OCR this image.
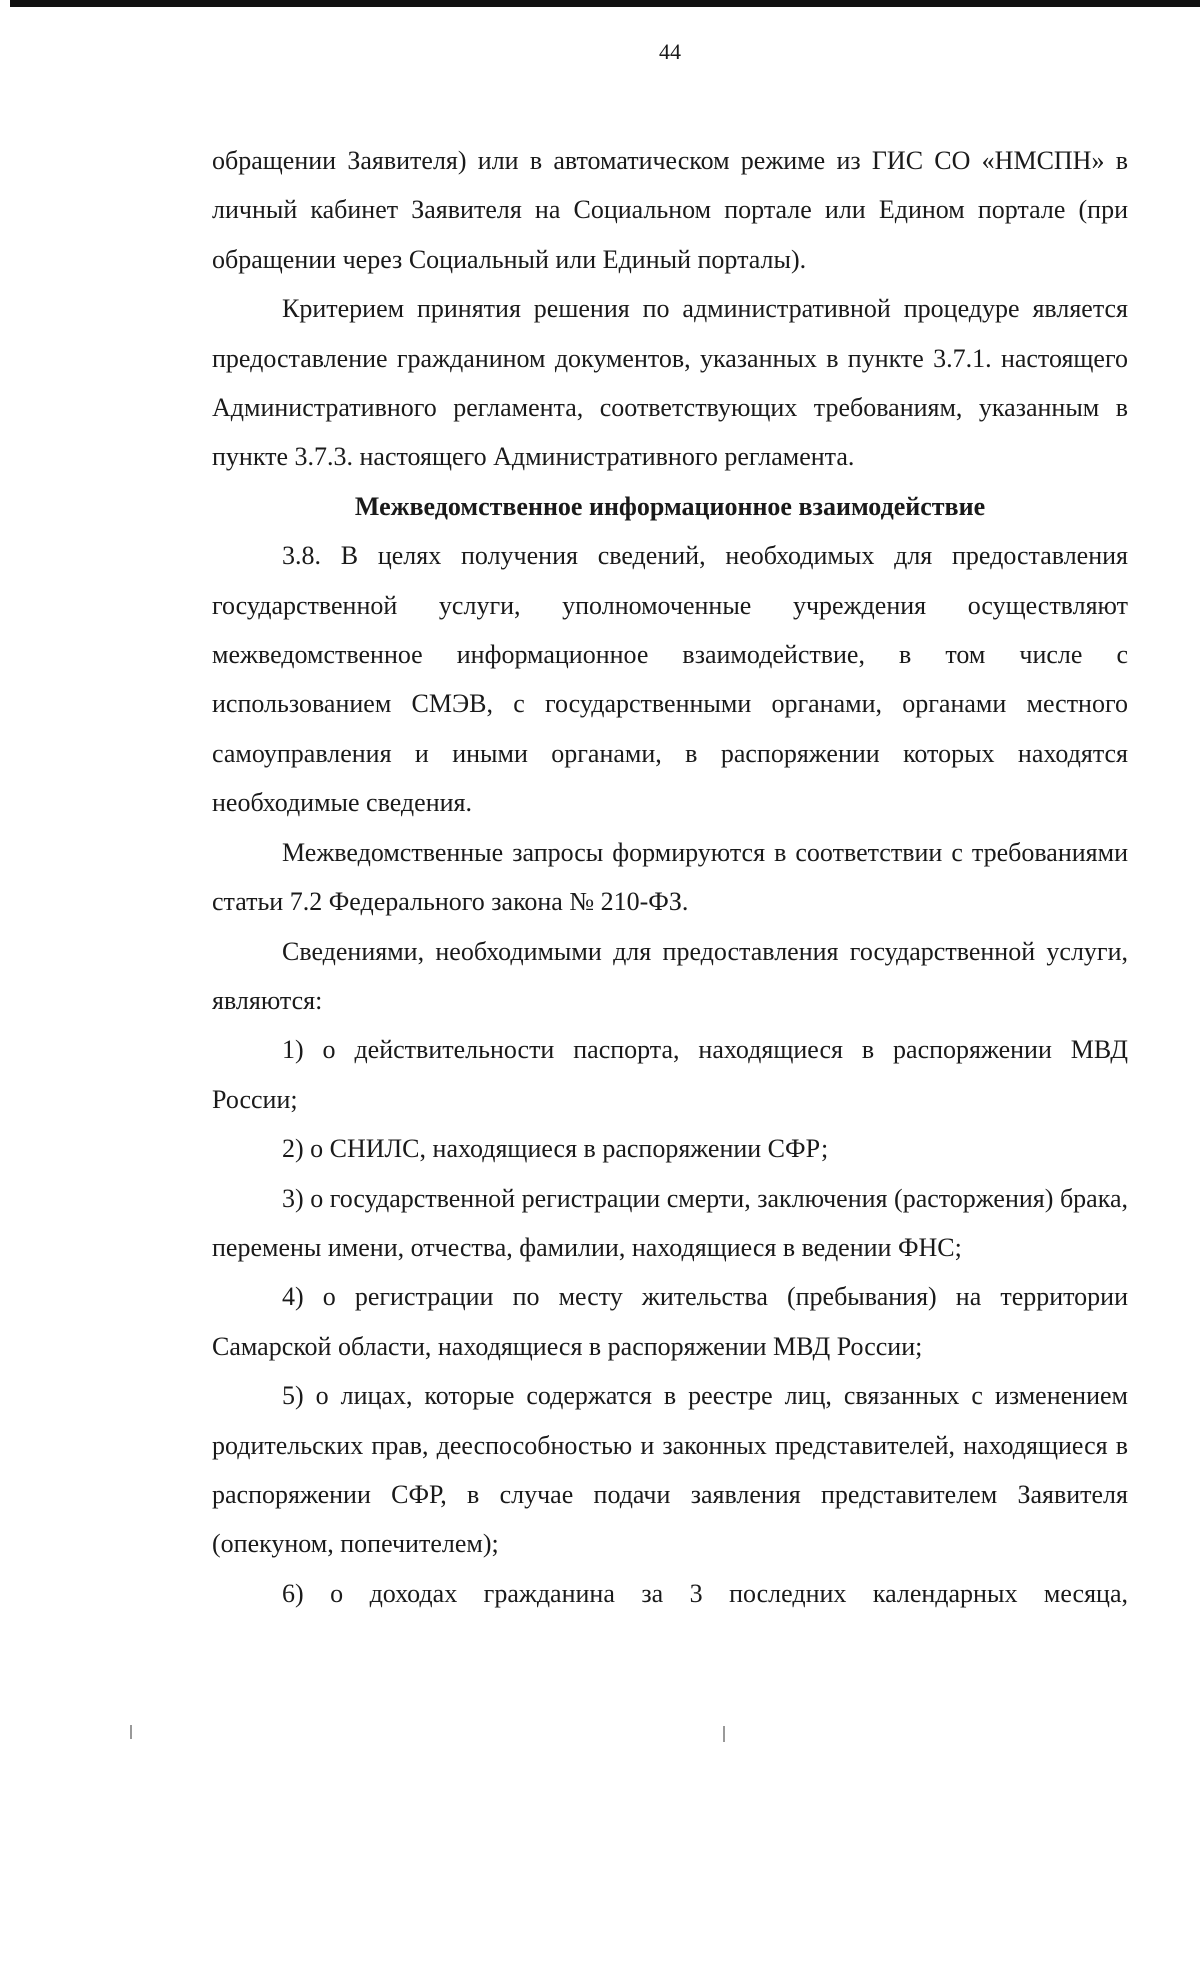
44

обращении Заявителя) или в автоматическом режиме из ГИС СО «НМСПН» в личный кабинет Заявителя на Социальном портале или Едином портале (при обращении через Социальный или Единый порталы).

Критерием принятия решения по административной процедуре является предоставление гражданином документов, указанных в пункте 3.7.1. настоящего Административного регламента, соответствующих требованиям, указанным в пункте 3.7.3. настоящего Административного регламента.

Межведомственное информационное взаимодействие

3.8. В целях получения сведений, необходимых для предоставления государственной услуги, уполномоченные учреждения осуществляют межведомственное информационное взаимодействие, в том числе с использованием СМЭВ, с государственными органами, органами местного самоуправления и иными органами, в распоряжении которых находятся необходимые сведения.

Межведомственные запросы формируются в соответствии с требованиями статьи 7.2 Федерального закона № 210-ФЗ.

Сведениями, необходимыми для предоставления государственной услуги, являются:

1) о действительности паспорта, находящиеся в распоряжении МВД России;

2) о СНИЛС, находящиеся в распоряжении СФР;

3) о государственной регистрации смерти, заключения (расторжения) брака, перемены имени, отчества, фамилии, находящиеся в ведении ФНС;

4) о регистрации по месту жительства (пребывания) на территории Самарской области, находящиеся в распоряжении МВД России;

5) о лицах, которые содержатся в реестре лиц, связанных с изменением родительских прав, дееспособностью и законных представителей, находящиеся в распоряжении СФР, в случае подачи заявления представителем Заявителя (опекуном, попечителем);

6) о доходах гражданина за 3 последних календарных месяца,
